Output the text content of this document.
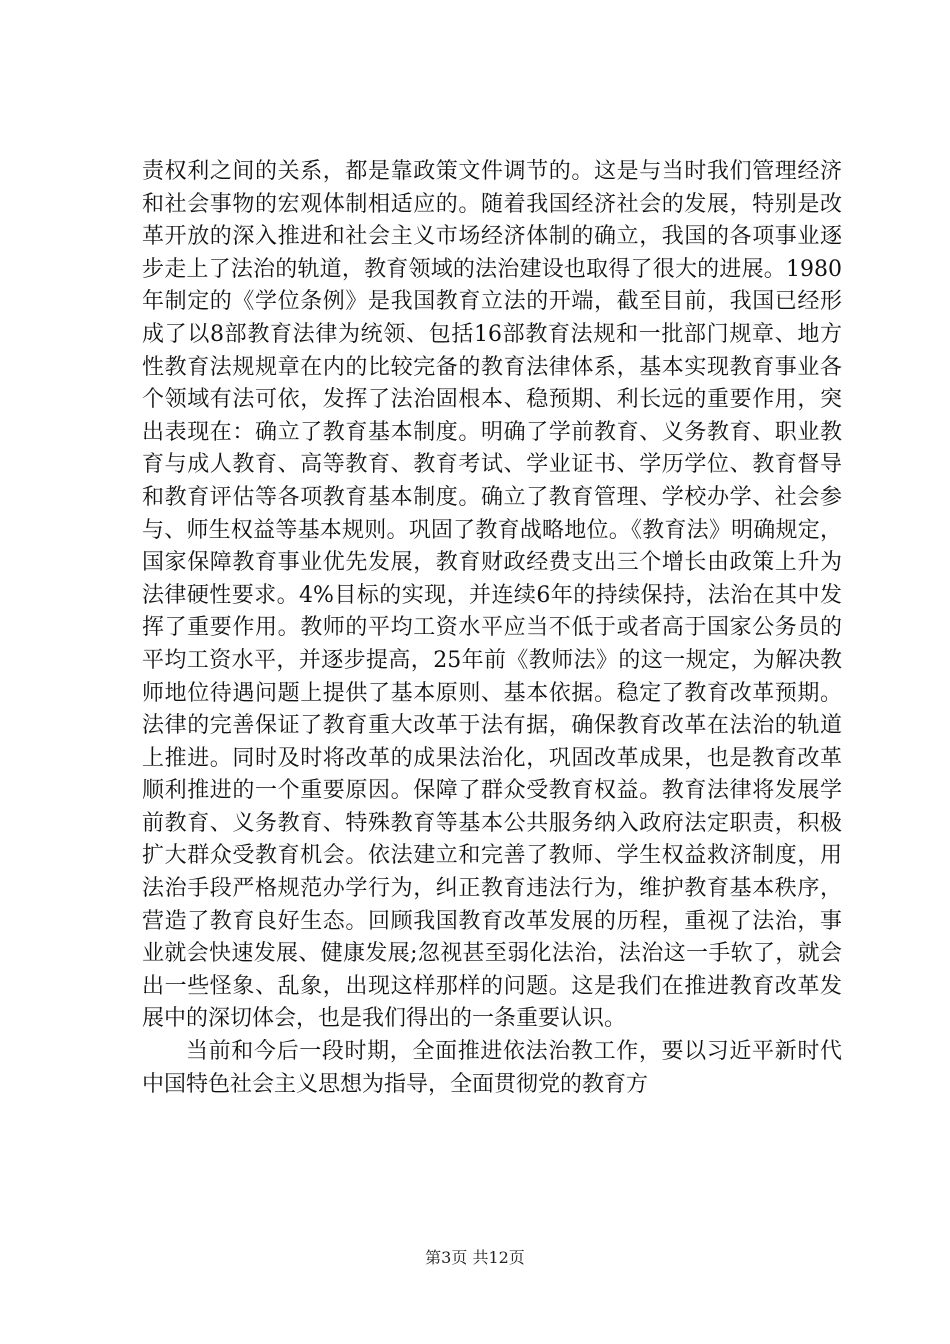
责权利之间的关系，都是靠政策文件调节的。这是与当时我们管理经济和社会事物的宏观体制相适应的。随着我国经济社会的发展，特别是改革开放的深入推进和社会主义市场经济体制的确立，我国的各项事业逐步走上了法治的轨道，教育领域的法治建设也取得了很大的进展。1980年制定的《学位条例》是我国教育立法的开端，截至目前，我国已经形成了以8部教育法律为统领、包括16部教育法规和一批部门规章、地方性教育法规规章在内的比较完备的教育法律体系，基本实现教育事业各个领域有法可依，发挥了法治固根本、稳预期、利长远的重要作用，突出表现在：确立了教育基本制度。明确了学前教育、义务教育、职业教育与成人教育、高等教育、教育考试、学业证书、学历学位、教育督导和教育评估等各项教育基本制度。确立了教育管理、学校办学、社会参与、师生权益等基本规则。巩固了教育战略地位。《教育法》明确规定，国家保障教育事业优先发展，教育财政经费支出三个增长由政策上升为法律硬性要求。4%目标的实现，并连续6年的持续保持，法治在其中发挥了重要作用。教师的平均工资水平应当不低于或者高于国家公务员的平均工资水平，并逐步提高，25年前《教师法》的这一规定，为解决教师地位待遇问题上提供了基本原则、基本依据。稳定了教育改革预期。法律的完善保证了教育重大改革于法有据，确保教育改革在法治的轨道上推进。同时及时将改革的成果法治化，巩固改革成果，也是教育改革顺利推进的一个重要原因。保障了群众受教育权益。教育法律将发展学前教育、义务教育、特殊教育等基本公共服务纳入政府法定职责，积极扩大群众受教育机会。依法建立和完善了教师、学生权益救济制度，用法治手段严格规范办学行为，纠正教育违法行为，维护教育基本秩序，营造了教育良好生态。回顾我国教育改革发展的历程，重视了法治，事业就会快速发展、健康发展;忽视甚至弱化法治，法治这一手软了，就会出一些怪象、乱象，出现这样那样的问题。这是我们在推进教育改革发展中的深切体会，也是我们得出的一条重要认识。

当前和今后一段时期，全面推进依法治教工作，要以习近平新时代中国特色社会主义思想为指导，全面贯彻党的教育方

第3页 共12页
